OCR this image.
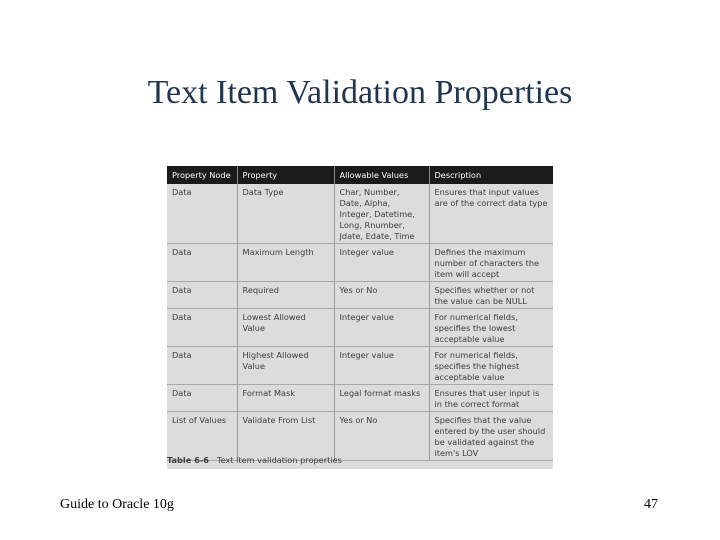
Text Item Validation Properties
Property Node	Property	Allowable Values	Description
Data	Data Type	Char, Number, Date, Alpha, Integer, Datetime, Long, Rnumber, Jdate, Edate, Time	Ensures that input values are of the correct data type
Data	Maximum Length	Integer value	Defines the maximum number of characters the item will accept
Data	Required	Yes or No	Specifies whether or not the value can be NULL
Data	Lowest Allowed Value	Integer value	For numerical fields, specifies the lowest acceptable value
Data	Highest Allowed Value	Integer value	For numerical fields, specifies the highest acceptable value
Data	Format Mask	Legal format masks	Ensures that user input is in the correct format
List of Values	Validate From List	Yes or No	Specifies that the value entered by the user should be validated against the item's LOV
Table 6-6 Text item validation properties
Guide to Oracle 10g	47
